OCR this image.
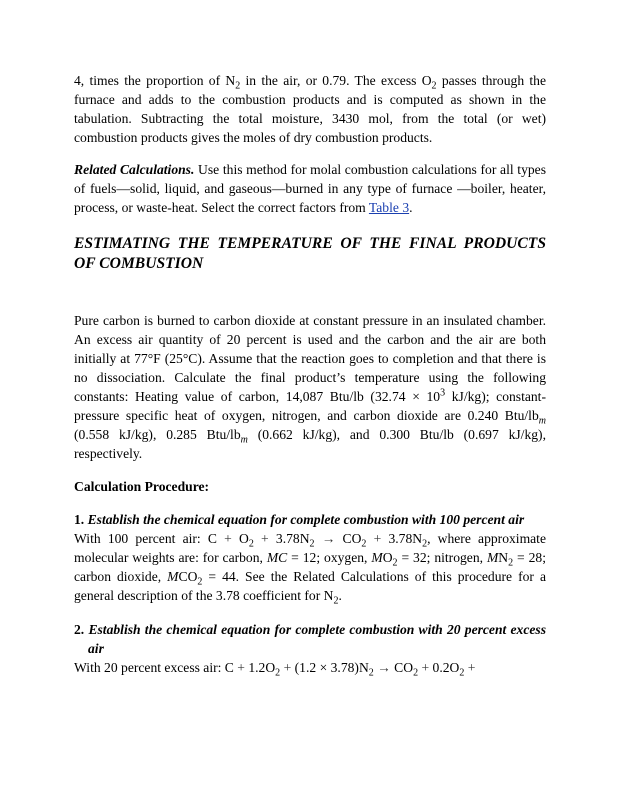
4, times the proportion of $N_2$ in the air, or 0.79. The excess $O_2$ passes through the furnace and adds to the combustion products and is computed as shown in the tabulation. Subtracting the total moisture, 3430 mol, from the total (or wet) combustion products gives the moles of dry combustion products.

Related Calculations. Use this method for molal combustion calculations for all types of fuels—solid, liquid, and gaseous—burned in any type of furnace —boiler, heater, process, or waste-heat. Select the correct factors from Table 3.

ESTIMATING THE TEMPERATURE OF THE FINAL PRODUCTS OF COMBUSTION

Pure carbon is burned to carbon dioxide at constant pressure in an insulated chamber. An excess air quantity of 20 percent is used and the carbon and the air are both initially at 77°F (25°C). Assume that the reaction goes to completion and that there is no dissociation. Calculate the final product’s temperature using the following constants: Heating value of carbon, 14,087 Btu/lb ($32.74 \times 10^3$ kJ/kg); constant-pressure specific heat of oxygen, nitrogen, and carbon dioxide are 0.240 Btu/$lb_m$ (0.558 kJ/kg), 0.285 Btu/$lb_m$ (0.662 kJ/kg), and 0.300 Btu/lb (0.697 kJ/kg), respectively.

Calculation Procedure:

1. Establish the chemical equation for complete combustion with 100 percent air

With 100 percent air: $C + O_2 + 3.78N_2 \to CO_2 + 3.78N_2$, where approximate molecular weights are: for carbon, MC = 12; oxygen, $MO_2 = 32$; nitrogen, $MN_2 = 28$; carbon dioxide, $MCO_2 = 44$. See the Related Calculations of this procedure for a general description of the 3.78 coefficient for $N_2$.

2. Establish the chemical equation for complete combustion with 20 percent excess air

With 20 percent excess air: $C + 1.2O_2 + (1.2 \times 3.78)N_2 \to CO_2 + 0.2O_2$ +
